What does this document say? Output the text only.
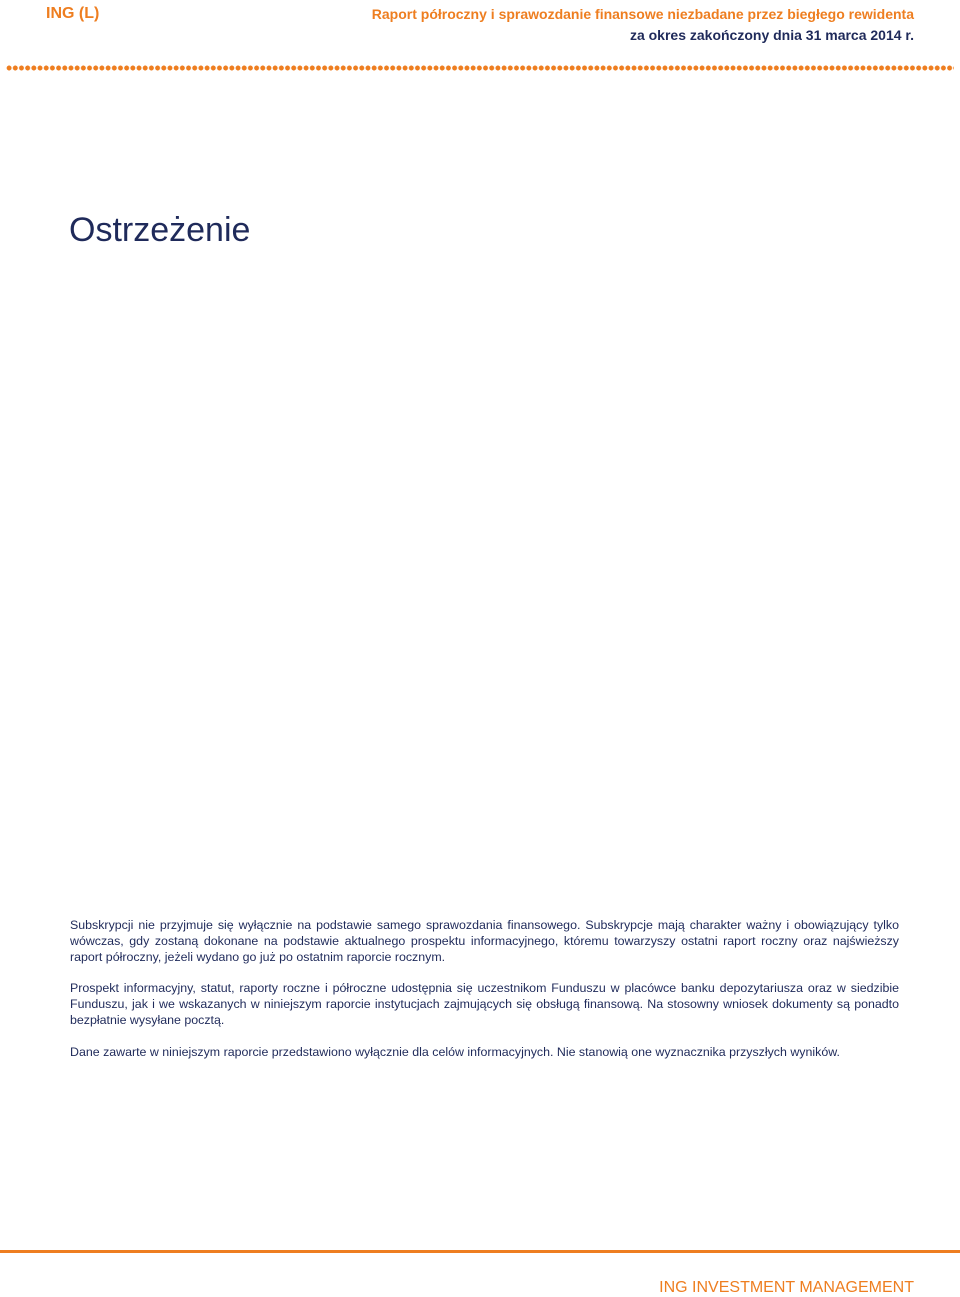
ING (L)	Raport półroczny i sprawozdanie finansowe niezbadane przez biegłego rewidenta
za okres zakończony dnia 31 marca 2014 r.
Ostrzeżenie

Subskrypcji nie przyjmuje się wyłącznie na podstawie samego sprawozdania finansowego. Subskrypcje mają charakter ważny i obowiązujący tylko wówczas, gdy zostaną dokonane na podstawie aktualnego prospektu informacyjnego, któremu towarzyszy ostatni raport roczny oraz najświeższy raport półroczny, jeżeli wydano go już po ostatnim raporcie rocznym.

Prospekt informacyjny, statut, raporty roczne i półroczne udostępnia się uczestnikom Funduszu w placówce banku depozytariusza oraz w siedzibie Funduszu, jak i we wskazanych w niniejszym raporcie instytucjach zajmujących się obsługą finansową. Na stosowny wniosek dokumenty są ponadto bezpłatnie wysyłane pocztą.

Dane zawarte w niniejszym raporcie przedstawiono wyłącznie dla celów informacyjnych. Nie stanowią one wyznacznika przyszłych wyników.

ING INVESTMENT MANAGEMENT
